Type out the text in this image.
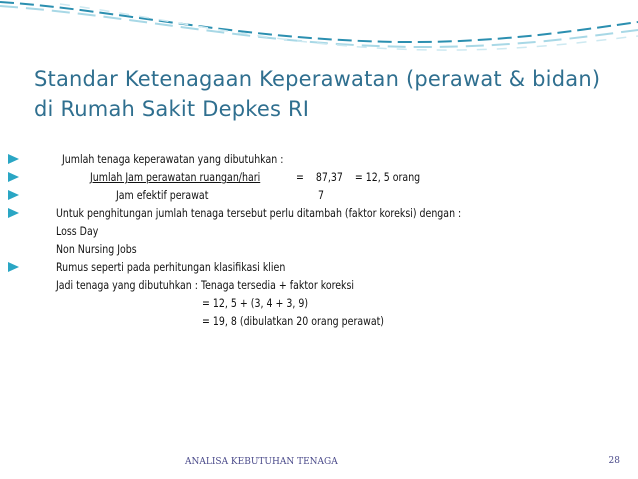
Standar Ketenagaan Keperawatan (perawat & bidan) di Rumah Sakit Depkes RI
Jumlah tenaga keperawatan yang dibutuhkan :
Jumlah Jam perawatan ruangan/hari	=    87,37    = 12, 5 orang
Jam efektif perawat	7
Untuk penghitungan jumlah tenaga tersebut perlu ditambah (faktor koreksi) dengan :
Loss Day
Non Nursing Jobs
Rumus seperti pada perhitungan klasifikasi klien
Jadi tenaga yang dibutuhkan : Tenaga tersedia + faktor koreksi
= 12, 5 + (3, 4 + 3, 9)
= 19, 8 (dibulatkan 20 orang perawat)
ANALISA KEBUTUHAN TENAGA	28
